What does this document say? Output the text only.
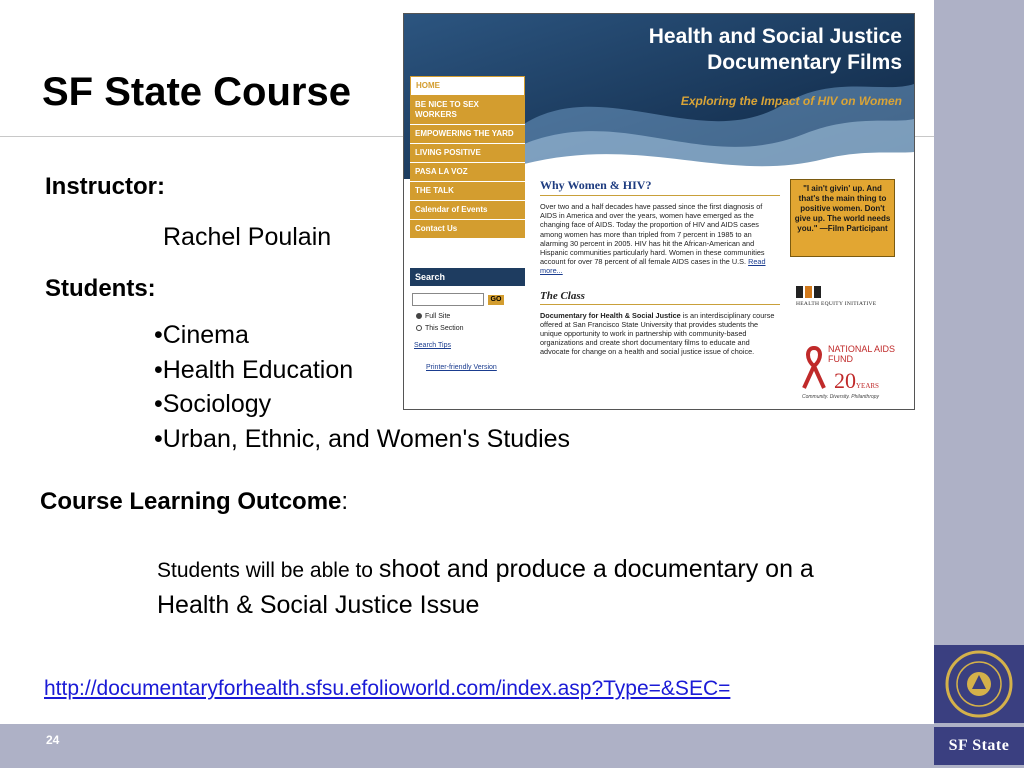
24	SF State
SF State Course
Instructor:
Rachel Poulain
Students:
•Cinema
•Health Education
•Sociology
•Urban, Ethnic, and Women's Studies
Course Learning Outcome:
Students will be able to shoot and produce a documentary on a Health & Social Justice Issue
http://documentaryforhealth.sfsu.efolioworld.com/index.asp?Type=&SEC=
Health and Social Justice
Documentary Films
Exploring the Impact of HIV on Women
HOME
BE NICE TO SEX WORKERS
EMPOWERING THE YARD
LIVING POSITIVE
PASA LA VOZ
THE TALK
Calendar of Events
Contact Us
Search
GO
Full Site
This Section
Search Tips
Printer-friendly Version
Why Women & HIV?

Over two and a half decades have passed since the first diagnosis of AIDS in America and over the years, women have emerged as the changing face of AIDS. Today the proportion of HIV and AIDS cases among women has more than tripled from 7 percent in 1985 to an alarming 30 percent in 2005. HIV has hit the African-American and Hispanic communities particularly hard. Women in these communities account for over 78 percent of all female AIDS cases in the U.S. Read more...

The Class

Documentary for Health & Social Justice is an interdisciplinary course offered at San Francisco State University that provides students the unique opportunity to work in partnership with community-based organizations and create short documentary films to educate and advocate for change on a health and social justice issue of choice.

"I ain't givin' up. And that's the main thing to positive women. Don't give up. The world needs you." —Film Participant
HEALTH EQUITY INITIATIVE
NATIONAL AIDS FUND
20YEARS
Community. Diversity. Philanthropy
